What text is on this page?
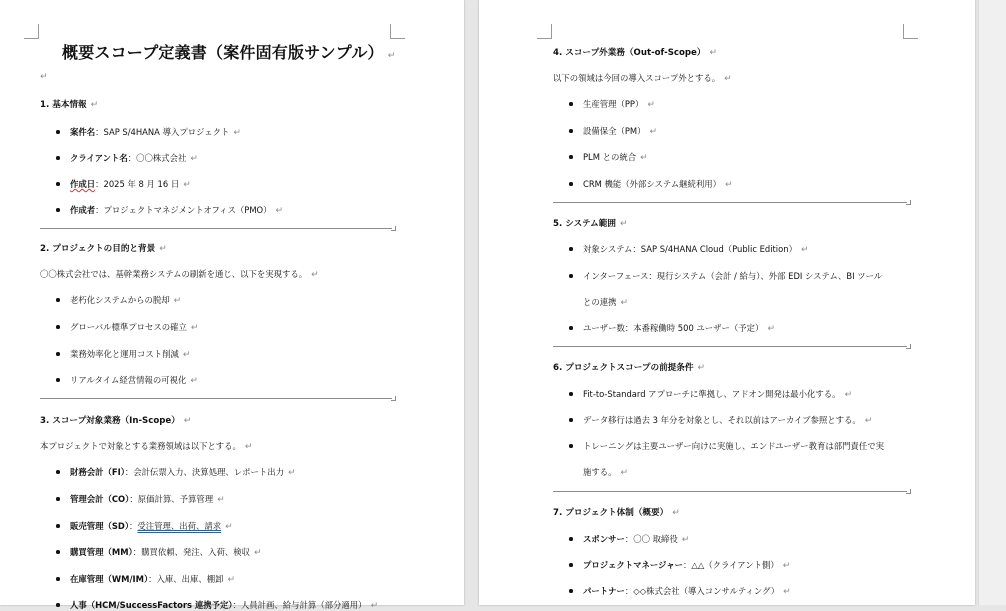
概要スコープ定義書（案件固有版サンプル） ↵
↵
1. 基本情報 ↵
案件名：SAP S/4HANA 導入プロジェクト ↵
クライアント名：〇〇株式会社 ↵
作成日：2025 年 8 月 16 日 ↵
作成者：プロジェクトマネジメントオフィス（PMO） ↵
2. プロジェクトの目的と背景 ↵
〇〇株式会社では、基幹業務システムの刷新を通じ、以下を実現する。 ↵
老朽化システムからの脱却 ↵
グローバル標準プロセスの確立 ↵
業務効率化と運用コスト削減 ↵
リアルタイム経営情報の可視化 ↵
3. スコープ対象業務（In-Scope） ↵
本プロジェクトで対象とする業務領域は以下とする。 ↵
財務会計（FI）：会計伝票入力、決算処理、レポート出力 ↵
管理会計（CO）：原価計算、予算管理 ↵
販売管理（SD）：受注管理、出荷、請求 ↵
購買管理（MM）：購買依頼、発注、入荷、検収 ↵
在庫管理（WM/IM）：入庫、出庫、棚卸 ↵
人事（HCM/SuccessFactors 連携予定）：人員計画、給与計算（部分適用） ↵
4. スコープ外業務（Out-of-Scope） ↵
以下の領域は今回の導入スコープ外とする。 ↵
生産管理（PP） ↵
設備保全（PM） ↵
PLM との統合 ↵
CRM 機能（外部システム継続利用） ↵
5. システム範囲 ↵
対象システム：SAP S/4HANA Cloud（Public Edition） ↵
インターフェース：現行システム（会計 / 給与）、外部 EDI システム、BI ツール
との連携 ↵
ユーザー数：本番稼働時 500 ユーザー（予定） ↵
6. プロジェクトスコープの前提条件 ↵
Fit-to-Standard アプローチに準拠し、アドオン開発は最小化する。 ↵
データ移行は過去 3 年分を対象とし、それ以前はアーカイブ参照とする。 ↵
トレーニングは主要ユーザー向けに実施し、エンドユーザー教育は部門責任で実
施する。 ↵
7. プロジェクト体制（概要） ↵
スポンサー：〇〇 取締役 ↵
プロジェクトマネージャー：△△（クライアント側） ↵
パートナー：◇◇株式会社（導入コンサルティング） ↵
